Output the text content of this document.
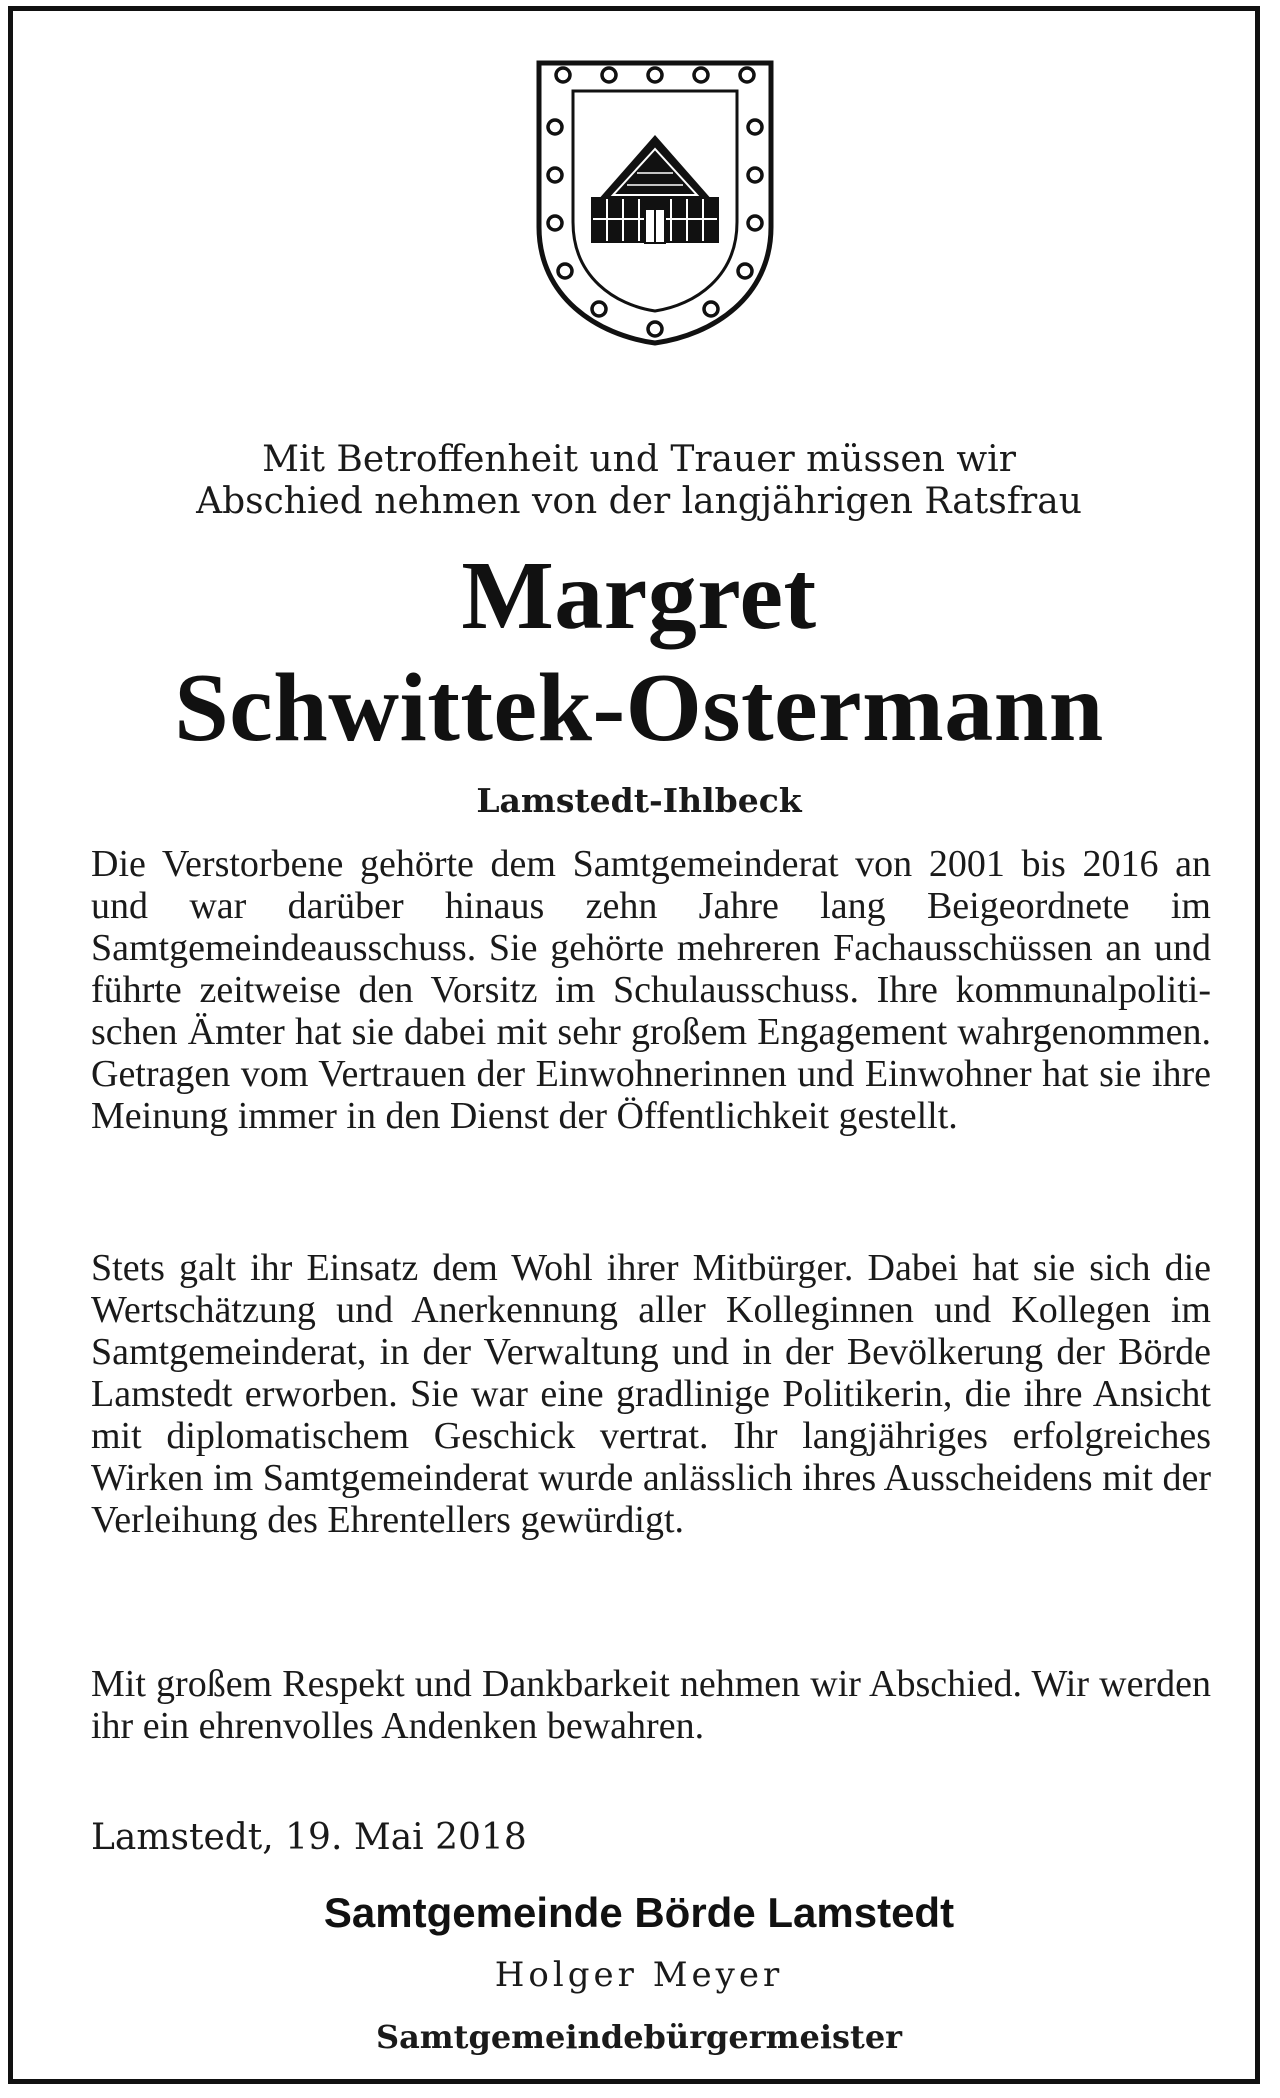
Mit Betroffenheit und Trauer müssen wir
Abschied nehmen von der langjährigen Ratsfrau
Margret
Schwittek-Ostermann
Lamstedt-Ihlbeck

Die Verstorbene gehörte dem Samtgemeinderat von 2001 bis 2016 an und war darüber hinaus zehn Jahre lang Beigeordnete im Samtgemeindeausschuss. Sie gehörte mehreren Fachausschüssen an und führte zeitweise den Vorsitz im Schulausschuss. Ihre kommunalpolitischen Ämter hat sie dabei mit sehr großem Engagement wahrgenommen. Getragen vom Vertrauen der Einwohnerinnen und Einwohner hat sie ihre Meinung immer in den Dienst der Öffentlichkeit gestellt.

Stets galt ihr Einsatz dem Wohl ihrer Mitbürger. Dabei hat sie sich die Wertschätzung und Anerkennung aller Kolleginnen und Kollegen im Samtgemeinderat, in der Verwaltung und in der Bevölkerung der Börde Lamstedt erworben. Sie war eine gradlinige Politikerin, die ihre Ansicht mit diplomatischem Geschick vertrat. Ihr langjähriges erfolgreiches Wirken im Samtgemeinderat wurde anlässlich ihres Ausscheidens mit der Verleihung des Ehrentellers gewürdigt.

Mit großem Respekt und Dankbarkeit nehmen wir Abschied. Wir werden ihr ein ehrenvolles Andenken bewahren.

Lamstedt, 19. Mai 2018
Samtgemeinde Börde Lamstedt
Holger Meyer
Samtgemeindebürgermeister
